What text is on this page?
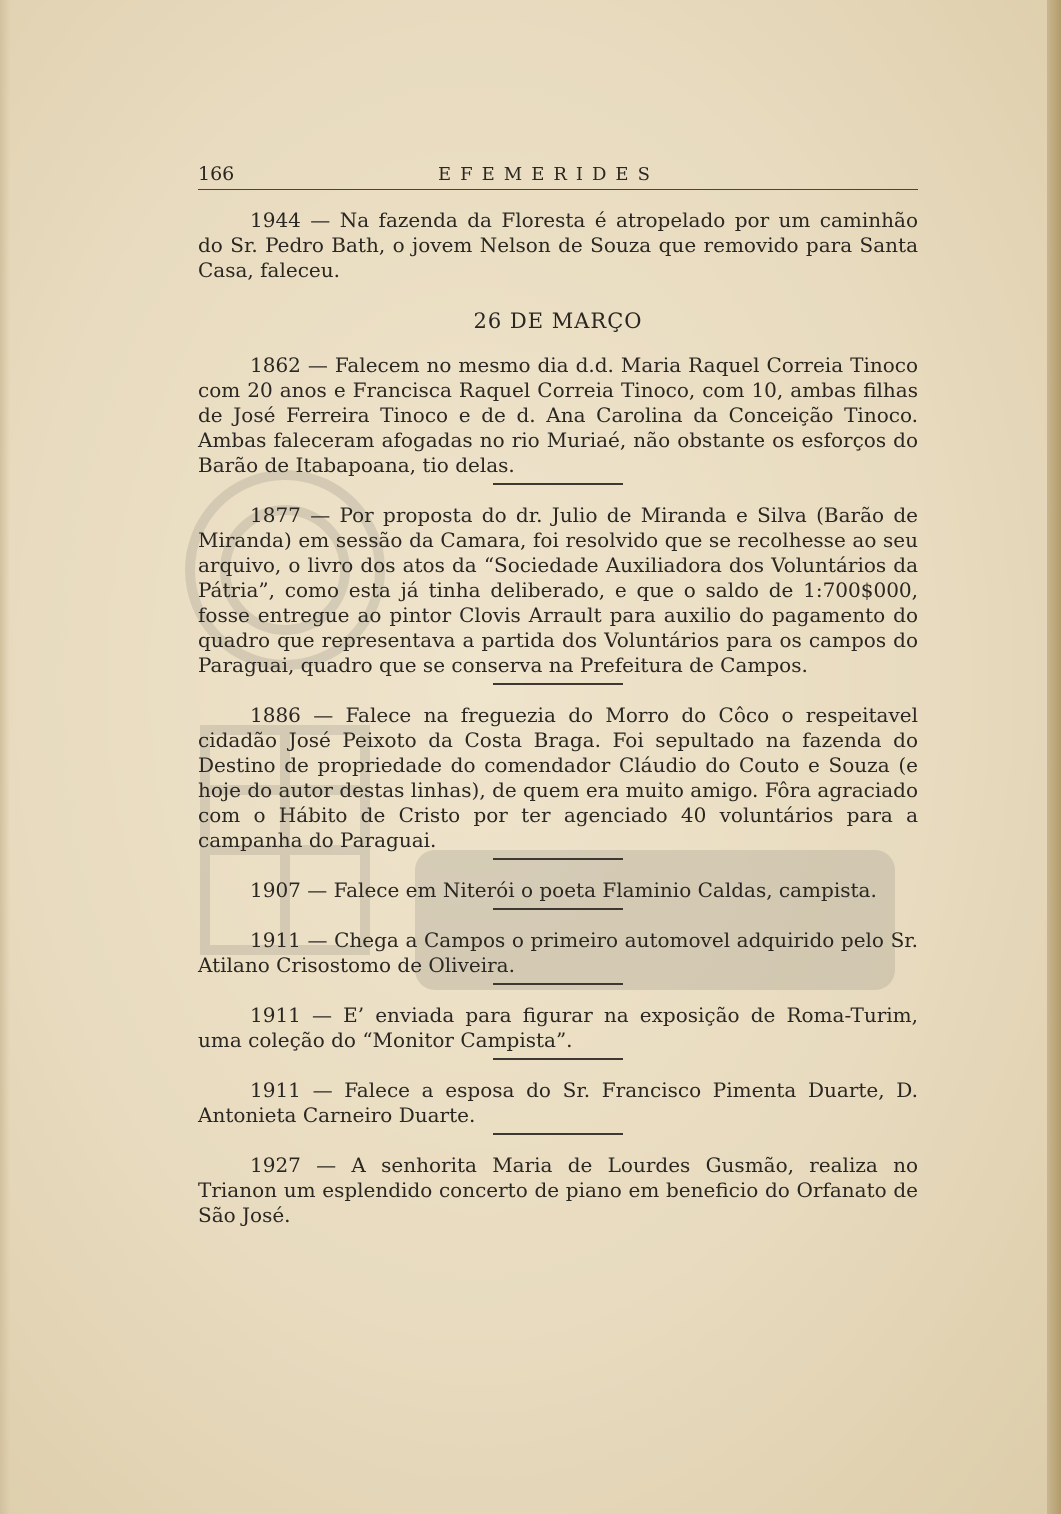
166	EFEMERIDES

1944 — Na fazenda da Floresta é atropelado por um caminhão do Sr. Pedro Bath, o jovem Nelson de Souza que removido para Santa Casa, faleceu.

26 DE MARÇO

1862 — Falecem no mesmo dia d.d. Maria Raquel Correia Tinoco com 20 anos e Francisca Raquel Correia Tinoco, com 10, ambas filhas de José Ferreira Tinoco e de d. Ana Carolina da Conceição Tinoco. Ambas faleceram afogadas no rio Muriaé, não obstante os esforços do Barão de Itabapoana, tio delas.

1877 — Por proposta do dr. Julio de Miranda e Silva (Barão de Miranda) em sessão da Camara, foi resolvido que se recolhesse ao seu arquivo, o livro dos atos da “Sociedade Auxiliadora dos Voluntários da Pátria”, como esta já tinha deliberado, e que o saldo de 1:700$000, fosse entregue ao pintor Clovis Arrault para auxilio do pagamento do quadro que representava a partida dos Voluntários para os campos do Paraguai, quadro que se conserva na Prefeitura de Campos.

1886 — Falece na freguezia do Morro do Côco o respeitavel cidadão José Peixoto da Costa Braga. Foi sepultado na fazenda do Destino de propriedade do comendador Cláudio do Couto e Souza (e hoje do autor destas linhas), de quem era muito amigo. Fôra agraciado com o Hábito de Cristo por ter agenciado 40 voluntários para a campanha do Paraguai.

1907 — Falece em Niterói o poeta Flaminio Caldas, campista.

1911 — Chega a Campos o primeiro automovel adquirido pelo Sr. Atilano Crisostomo de Oliveira.

1911 — E’ enviada para figurar na exposição de Roma-Turim, uma coleção do “Monitor Campista”.

1911 — Falece a esposa do Sr. Francisco Pimenta Duarte, D. Antonieta Carneiro Duarte.

1927 — A senhorita Maria de Lourdes Gusmão, realiza no Trianon um esplendido concerto de piano em beneficio do Orfanato de São José.
